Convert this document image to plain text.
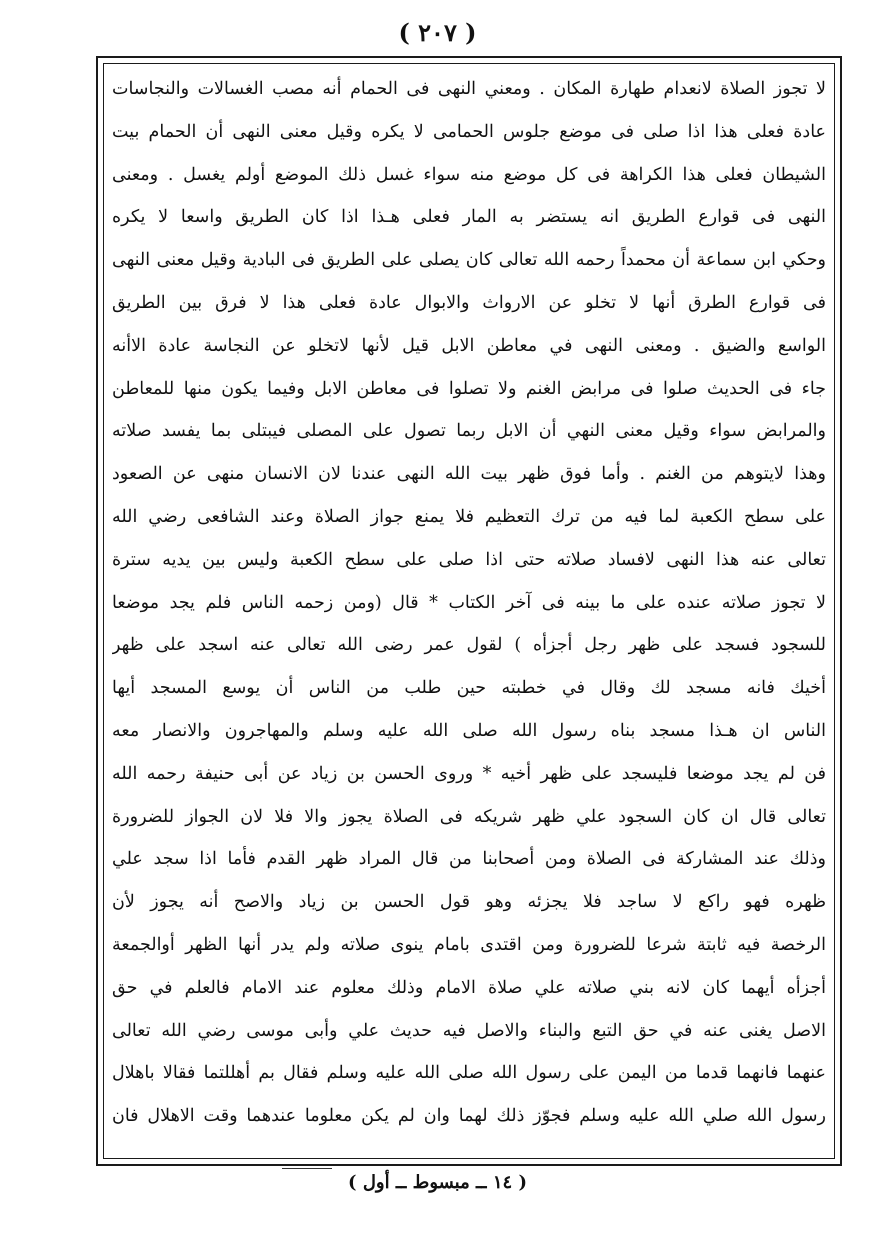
( ٢٠٧ )
لا تجوز الصلاة لانعدام طهارة المكان . ومعني النهى فى الحمام أنه مصب الغسالات والنجاسات
عادة فعلى هذا اذا صلى فى موضع جلوس الحمامى لا يكره وقيل معنى النهى أن الحمام بيت
الشيطان فعلى هذا الكراهة فى كل موضع منه سواء غسل ذلك الموضع أولم يغسل . ومعنى
النهى فى قوارع الطريق انه يستضر به المار فعلى هـذا اذا كان الطريق واسعا لا يكره
وحكي ابن سماعة أن محمداً رحمه الله تعالى كان يصلى على الطريق فى البادية وقيل معنى النهى
فى قوارع الطرق أنها لا تخلو عن الارواث والابوال عادة فعلى هذا لا فرق بين الطريق
الواسع والضيق . ومعنى النهى في معاطن الابل قيل لأنها لاتخلو عن النجاسة عادة الاأنه
جاء فى الحديث صلوا فى مرابض الغنم ولا تصلوا فى معاطن الابل وفيما يكون منها للمعاطن
والمرابض سواء وقيل معنى النهي أن الابل ربما تصول على المصلى فيبتلى بما يفسد صلاته
وهذا لايتوهم من الغنم . وأما فوق ظهر بيت الله النهى عندنا لان الانسان منهى عن الصعود
على سطح الكعبة لما فيه من ترك التعظيم فلا يمنع جواز الصلاة وعند الشافعى رضي الله
تعالى عنه هذا النهى لافساد صلاته حتى اذا صلى على سطح الكعبة وليس بين يديه سترة
لا تجوز صلاته عنده على ما بينه فى آخر الكتاب * قال (ومن زحمه الناس فلم يجد موضعا
للسجود فسجد على ظهر رجل أجزأه ) لقول عمر رضى الله تعالى عنه اسجد على ظهر
أخيك فانه مسجد لك وقال في خطبته حين طلب من الناس أن يوسع المسجد أيها
الناس ان هـذا مسجد بناه رسول الله صلى الله عليه وسلم والمهاجرون والانصار معه
فن لم يجد موضعا فليسجد على ظهر أخيه * وروى الحسن بن زياد عن أبى حنيفة رحمه الله
تعالى قال ان كان السجود علي ظهر شريكه فى الصلاة يجوز والا فلا لان الجواز للضرورة
وذلك عند المشاركة فى الصلاة ومن أصحابنا من قال المراد ظهر القدم فأما اذا سجد علي
ظهره فهو راكع لا ساجد فلا يجزئه وهو قول الحسن بن زياد والاصح أنه يجوز لأن
الرخصة فيه ثابتة شرعا للضرورة ومن اقتدى بامام ينوى صلاته ولم يدر أنها الظهر أوالجمعة
أجزأه أيهما كان لانه بني صلاته علي صلاة الامام وذلك معلوم عند الامام فالعلم في حق
الاصل يغنى عنه في حق التبع والبناء والاصل فيه حديث علي وأبى موسى رضي الله تعالى
عنهما فانهما قدما من اليمن على رسول الله صلى الله عليه وسلم فقال بم أهللتما فقالا باهلال
رسول الله صلي الله عليه وسلم فجوّز ذلك لهما وان لم يكن معلوما عندهما وقت الاهلال فان
( ١٤ ــ مبسوط ــ أول )
